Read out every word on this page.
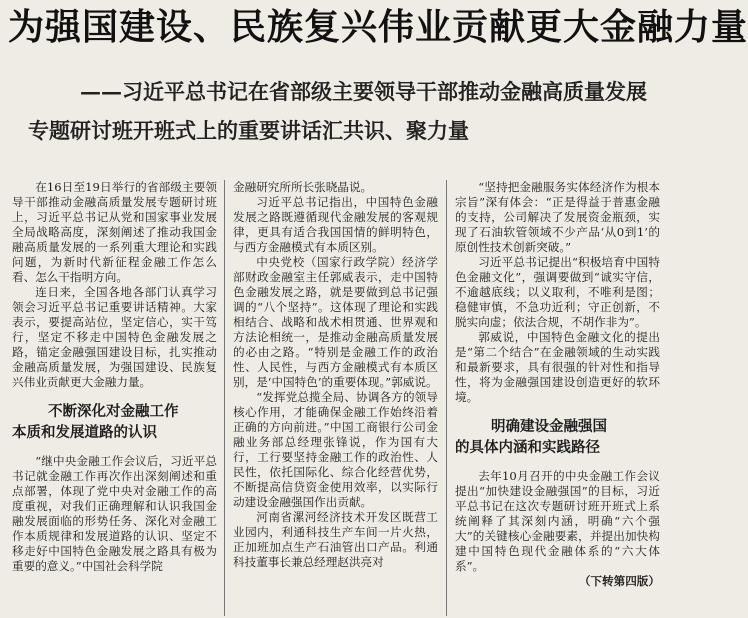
为强国建设、民族复兴伟业贡献更大金融力量
——习近平总书记在省部级主要领导干部推动金融高质量发展
专题研讨班开班式上的重要讲话汇共识、聚力量

在16日至19日举行的省部级主要领导干部推动金融高质量发展专题研讨班上，习近平总书记从党和国家事业发展全局战略高度，深刻阐述了推动我国金融高质量发展的一系列重大理论和实践问题，为新时代新征程金融工作怎么看、怎么干指明方向。

连日来，全国各地各部门认真学习领会习近平总书记重要讲话精神。大家表示，要提高站位，坚定信心，实干笃行，坚定不移走中国特色金融发展之路，锚定金融强国建设目标，扎实推动金融高质量发展，为强国建设、民族复兴伟业贡献更大金融力量。

不断深化对金融工作
本质和发展道路的认识

“继中央金融工作会议后，习近平总书记就金融工作再次作出深刻阐述和重点部署，体现了党中央对金融工作的高度重视，对我们正确理解和认识我国金融发展面临的形势任务、深化对金融工作本质规律和发展道路的认识、坚定不移走好中国特色金融发展之路具有极为重要的意义。”中国社会科学院

金融研究所所长张晓晶说。

习近平总书记指出，中国特色金融发展之路既遵循现代金融发展的客观规律，更具有适合我国国情的鲜明特色，与西方金融模式有本质区别。

中央党校（国家行政学院）经济学部财政金融室主任郭威表示，走中国特色金融发展之路，就是要做到总书记强调的“八个坚持”。这体现了理论和实践相结合、战略和战术相贯通、世界观和方法论相统一，是推动金融高质量发展的必由之路。“特别是金融工作的政治性、人民性，与西方金融模式有本质区别，是‘中国特色’的重要体现。”郭威说。

“发挥党总揽全局、协调各方的领导核心作用，才能确保金融工作始终沿着正确的方向前进。”中国工商银行公司金融业务部总经理张锋说，作为国有大行，工行要坚持金融工作的政治性、人民性，依托国际化、综合化经营优势，不断提高信贷资金使用效率，以实际行动建设金融强国作出贡献。

河南省漯河经济技术开发区既营工业园内，利通科技生产车间一片火热，正加班加点生产石油管出口产品。利通科技董事长兼总经理赵洪亮对

“坚持把金融服务实体经济作为根本宗旨”深有体会：“正是得益于普惠金融的支持，公司解决了发展资金瓶颈，实现了石油软管领域不少产品‘从0到1’的原创性技术创新突破。”

习近平总书记提出“积极培育中国特色金融文化”，强调要做到“诚实守信，不逾越底线；以义取利，不唯利是图；稳健审慎，不急功近利；守正创新，不脱实向虚；依法合规，不胡作非为”。

郭威说，中国特色金融文化的提出是“第二个结合”在金融领域的生动实践和最新要求，具有很强的针对性和指导性，将为金融强国建设创造更好的软环境。

明确建设金融强国
的具体内涵和实践路径

去年10月召开的中央金融工作会议提出“加快建设金融强国”的目标，习近平总书记在这次专题研讨班开班式上系统阐释了其深刻内涵，明确“六个强大”的关键核心金融要素，并提出加快构建中国特色现代金融体系的“六大体系”。

（下转第四版）
